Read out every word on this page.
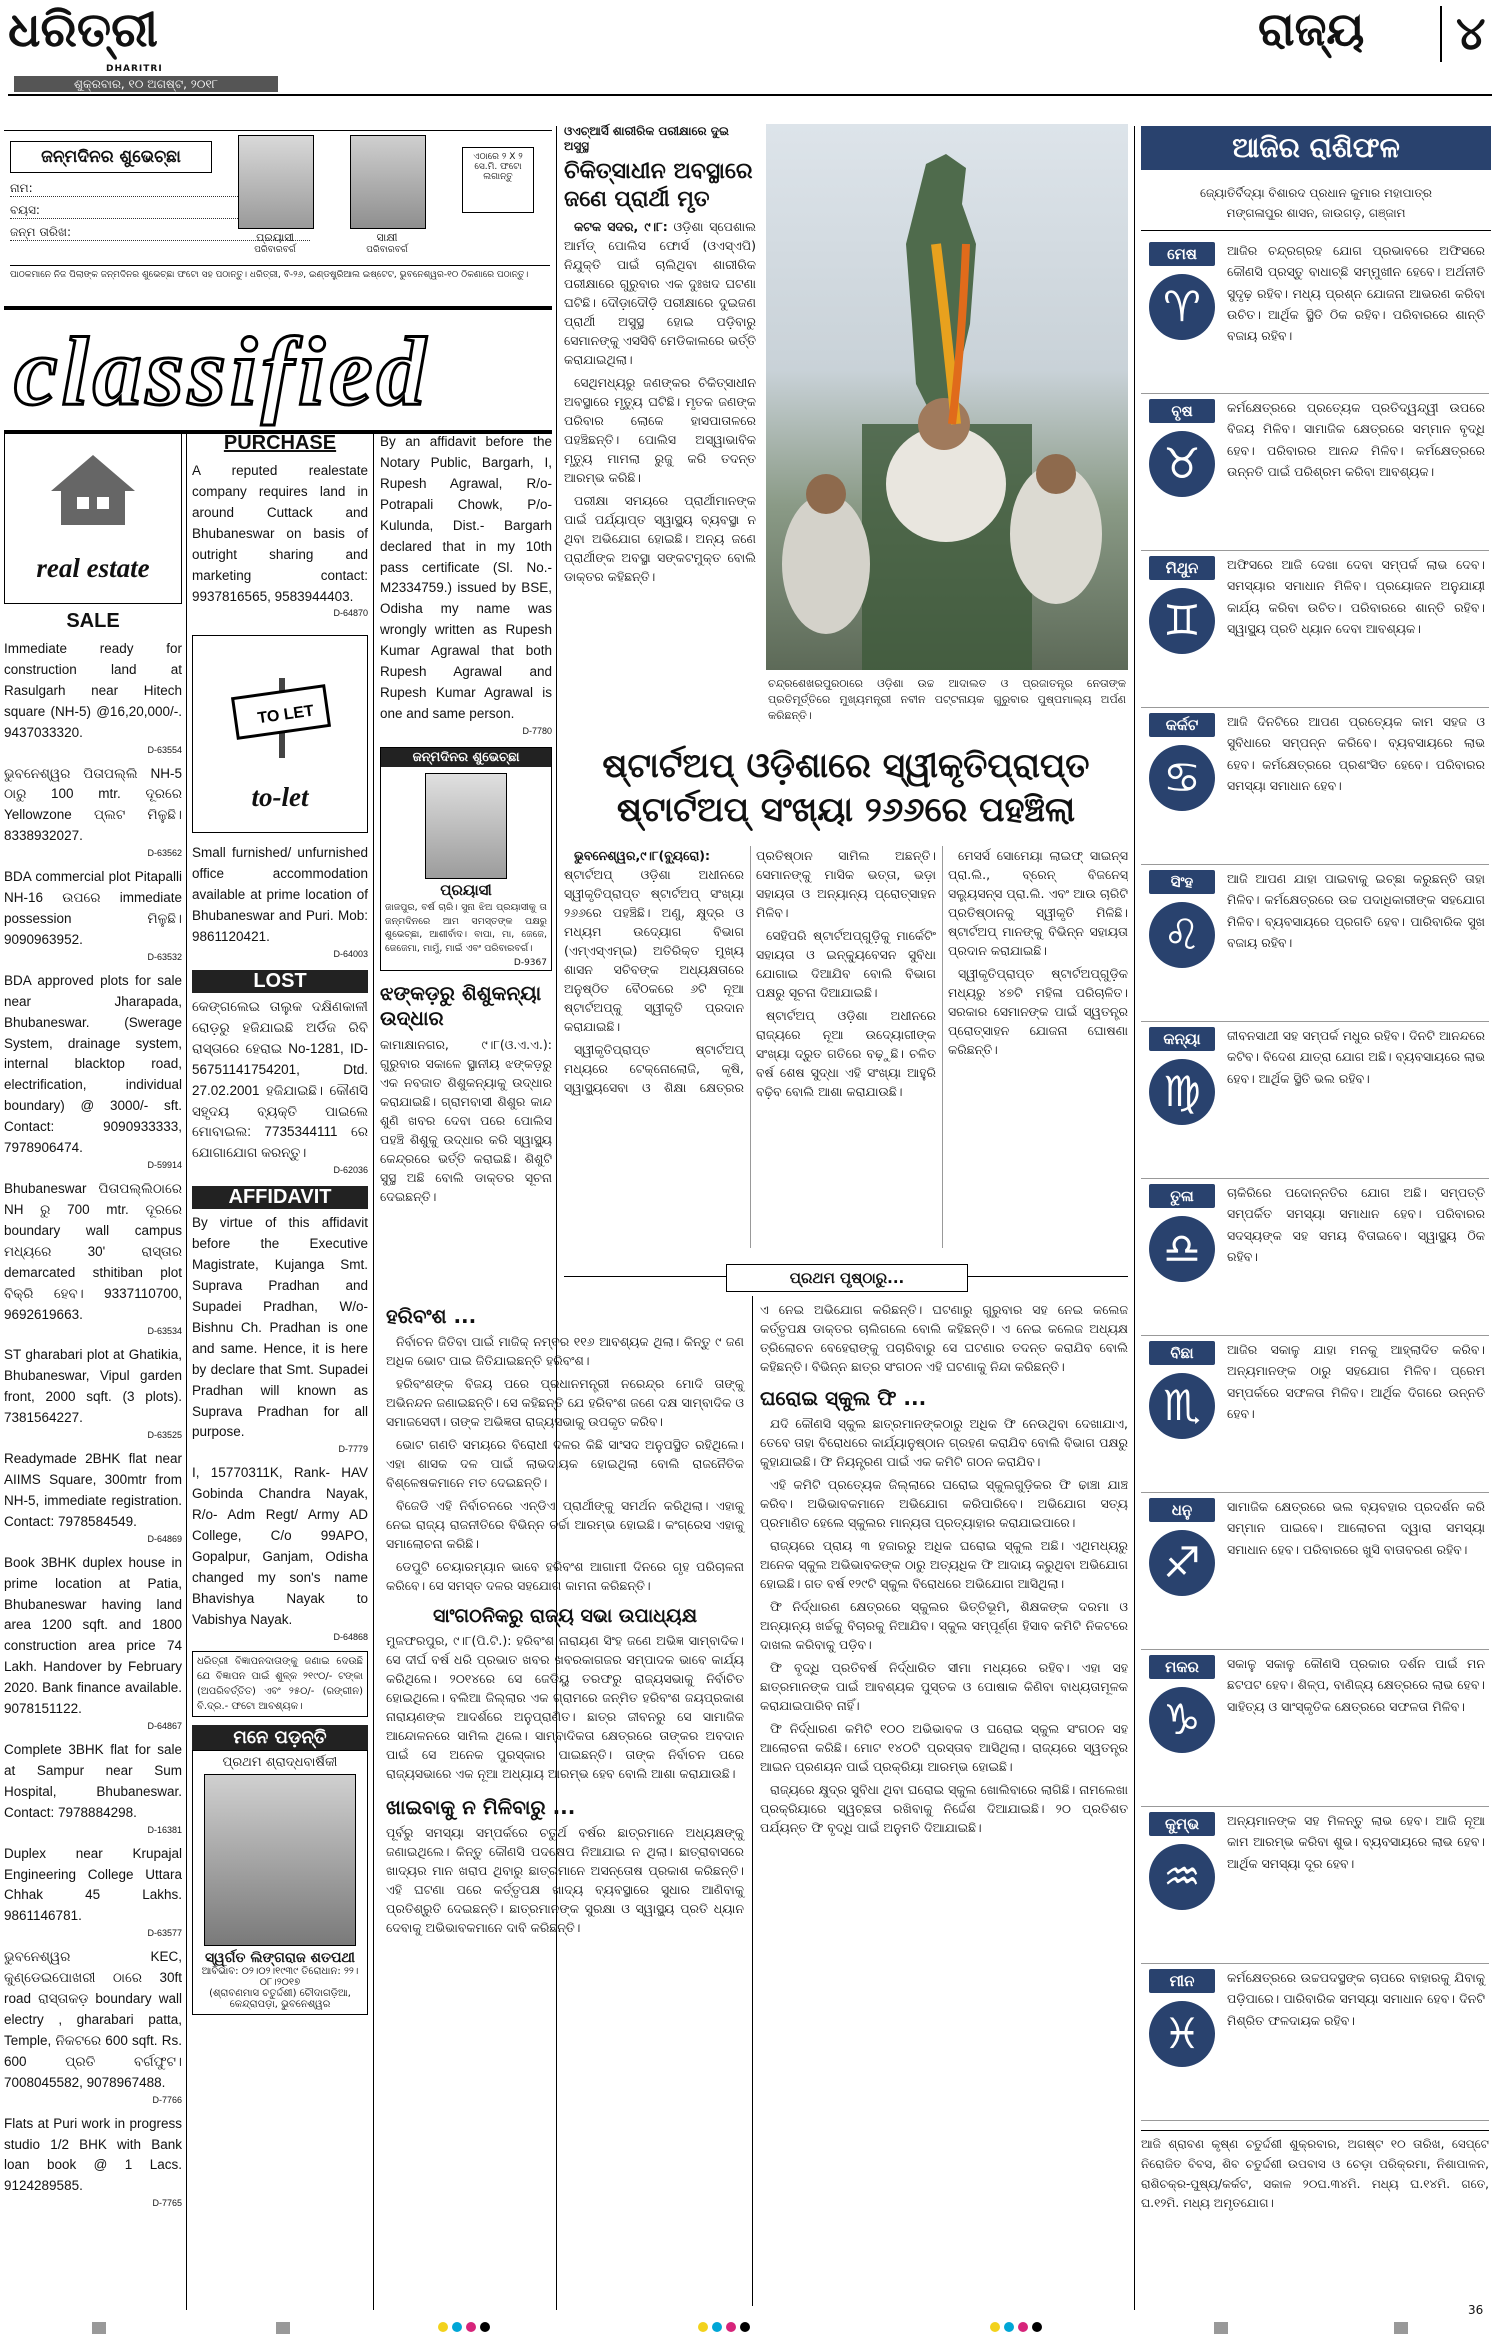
ଧରିତ୍ରୀ
DHARITRI
ଶୁକ୍ରବାର, ୧୦ ଅଗଷ୍ଟ, ୨୦୧୮
ରାଜ୍ୟ	୪
ଜନ୍ମଦିନର ଶୁଭେଚ୍ଛା
ନାମ:
ବୟସ:
ଜନ୍ମ ତାରିଖ:	ପ୍ରୟାସୀ
ପରିବାରବର୍ଗ
ସାକ୍ଷୀ
ପରିବାରବର୍ଗ
ଏଠାରେ ୨ X ୨ ସେ.ମି. ଫଟୋ ଲଗାନ୍ତୁ
ପାଠକମାନେ ନିଜ ପିଲାଙ୍କ ଜନ୍ମଦିନର ଶୁଭେଚ୍ଛା ଫଟୋ ସହ ପଠାନ୍ତୁ। ଧରିତ୍ରୀ, ବି-୨୬, ଇଣ୍ଡଷ୍ଟ୍ରିଆଲ ଇଷ୍ଟେଟ, ଭୁବନେଶ୍ୱର-୧୦ ଠିକଣାରେ ପଠାନ୍ତୁ।
classified
real estate
SALE
Immediate ready for construction land at Rasulgarh near Hitech square (NH-5) @16,20,000/-. 9437033320.
D-63554
ଭୁବନେଶ୍ୱର ପିତାପଲ୍ଲି NH-5 ଠାରୁ 100 mtr. ଦୂରରେ Yellowzone ପ୍ଲଟ ମିଳୁଛି। 8338932027.
D-63562
BDA commercial plot Pitapalli NH-16 ଉପରେ immediate possession ମିଳୁଛି। 9090963952.
D-63532
BDA approved plots for sale near Jharapada, Bhubaneswar. (Swerage System, drainage system, internal blacktop road, electrification, individual boundary) @ 3000/- sft. Contact: 9090933333, 7978906474.
D-59914
Bhubaneswar ପିତାପଲ୍ଲିଠାରେ NH ରୁ 700 mtr. ଦୂରରେ boundary wall campus ମଧ୍ୟରେ 30' ରାସ୍ତାର demarcated sthitiban plot ବିକ୍ରି ହେବ। 9337110700, 9692619663.
D-63534
ST gharabari plot at Ghatikia, Bhubaneswar, Vipul garden front, 2000 sqft. (3 plots). 7381564227.
D-63525
Readymade 2BHK flat near AIIMS Square, 300mtr from NH-5, immediate registration. Contact: 7978584549.
D-64869
Book 3BHK duplex house in prime location at Patia, Bhubaneswar having land area 1200 sqft. and 1800 construction area price 74 Lakh. Handover by February 2020. Bank finance available. 9078151122.
D-64867
Complete 3BHK flat for sale at Sampur near Sum Hospital, Bhubaneswar. Contact: 7978884298.
D-16381
Duplex near Krupajal Engineering College Uttara Chhak 45 Lakhs. 9861146781.
D-63577
ଭୁବନେଶ୍ୱର KEC, କୁଣ୍ଡେଇପୋଖରୀ ଠାରେ 30ft road ରାସ୍ତାକଡ଼ boundary wall electry , gharabari patta, Temple, ନିକଟରେ 600 sqft. Rs. 600 ପ୍ରତି ବର୍ଗଫୁଟ। 7008045582, 9078967488.
D-7766
Flats at Puri work in progress studio 1/2 BHK with Bank loan book @ 1 Lacs. 9124289585.
D-7765
PURCHASE
A reputed realestate company requires land in around Cuttack and Bhubaneswar on basis of outright sharing and marketing contact: 9937816565, 9583944403.
D-64870
TO LET
to-let
Small furnished/ unfurnished office accommodation available at prime location of Bhubaneswar and Puri. Mob: 9861120421.
D-64003
LOST
କେଙ୍ଗଲେଇ ତାଲୁକ ଦକ୍ଷିଣକାଳୀ ରୋଡ଼ରୁ ହଜିଯାଇଛି ଅର୍ଡିଜ ରିବି ରାସ୍ତାରେ ହେରାଇ No-1281, ID- 56751141754201, Dtd. 27.02.2001 ହଜିଯାଇଛି। କୌଣସି ସହୃଦୟ ବ୍ୟକ୍ତି ପାଇଲେ ମୋବାଇଲ: 7735344111 ରେ ଯୋଗାଯୋଗ କରନ୍ତୁ।
D-62036
AFFIDAVIT
By virtue of this affidavit before the Executive Magistrate, Kujanga Smt. Suprava Pradhan and Supadei Pradhan, W/o-Bishnu Ch. Pradhan is one and same. Hence, it is here by declare that Smt. Supadei Pradhan will known as Suprava Pradhan for all purpose.
D-7779
I, 15770311K, Rank- HAV Gobinda Chandra Nayak, R/o- Adm Regt/ Army AD College, C/o 99APO, Gopalpur, Ganjam, Odisha changed my son's name Bhavishya Nayak to Vabishya Nayak.
D-64868
ଧରିତ୍ରୀ ବିଜ୍ଞାପନଦାତାଙ୍କୁ ଜଣାଇ ଦେଉଛି ଯେ ବିଜ୍ଞାପନ ପାଇଁ ଶୁଳ୍କ ୨୧୯୦/- ଟଙ୍କା (ଅପରିବର୍ତ୍ତିତ) ଏବଂ ୨୫୦/- (ରଙ୍ଗୀନ) ବି.ଦ୍ର.- ଫଟୋ ଆବଶ୍ୟକ।
ମନେ ପଡ଼ନ୍ତି
ପ୍ରଥମ ଶ୍ରାଦ୍ଧବାର୍ଷିକୀ
ସ୍ୱର୍ଗତ ଲିଙ୍ଗରାଜ ଶତପଥୀ
ଆବିର୍ଭାବ: ୦୨।୦୨।୧୯୩୯ ତିରୋଧାନ: ୨୨।୦୮।୨୦୧୭
(ଶ୍ରାବଣମାସ ଚତୁର୍ଦ୍ଦଶୀ) ଚୌଦାଗଡ଼ିଆ, କେନ୍ଦ୍ରାପଡ଼ା, ଭୁବନେଶ୍ୱର
By an affidavit before the Notary Public, Bargarh, I, Rupesh Agrawal, R/o- Potrapali Chowk, P/o- Kulunda, Dist.- Bargarh declared that in my 10th pass certificate (Sl. No.- M2334759.) issued by BSE, Odisha my name was wrongly written as Rupesh Kumar Agrawal that both Rupesh Agrawal and Rupesh Kumar Agrawal is one and same person.
D-7780
ଜନ୍ମଦିନର ଶୁଭେଚ୍ଛା
ପ୍ରୟାସୀ
ଜାଜପୁର, ବର୍ଷ ଚାରି। ସୁନା ଝିଅ ପ୍ରୟାସୀକୁ ତା ଜନ୍ମଦିନରେ ଆମ ସମସ୍ତଙ୍କ ପକ୍ଷରୁ ଶୁଭେଚ୍ଛା, ଆଶୀର୍ବାଦ। ବାପା, ମା, ଜେଜେ, ଜେଜେମା, ମାମୁଁ, ମାଇଁ ଏବଂ ପରିବାରବର୍ଗ।
D-9367
ଝଙ୍କଡ଼ରୁ ଶିଶୁକନ୍ୟା ଉଦ୍ଧାର
କାମାକ୍ଷାନଗର, ୯।୮(ଓ.ଏ.ଏ.): ଗୁରୁବାର ସକାଳେ ସ୍ଥାନୀୟ ଝଙ୍କଡ଼ରୁ ଏକ ନବଜାତ ଶିଶୁକନ୍ୟାକୁ ଉଦ୍ଧାର କରାଯାଇଛି। ଗ୍ରାମବାସୀ ଶିଶୁର କାନ୍ଦ ଶୁଣି ଖବର ଦେବା ପରେ ପୋଲିସ ପହଞ୍ଚି ଶିଶୁକୁ ଉଦ୍ଧାର କରି ସ୍ୱାସ୍ଥ୍ୟ କେନ୍ଦ୍ରରେ ଭର୍ତ୍ତି କରାଇଛି। ଶିଶୁଟି ସୁସ୍ଥ ଅଛି ବୋଲି ଡାକ୍ତର ସୂଚନା ଦେଇଛନ୍ତି।
ଓଏଚ୍‌ଆର୍ସି ଶାରୀରିକ ପରୀକ୍ଷାରେ ଦୁଇ ଅସୁସ୍ଥ
ଚିକିତ୍ସାଧୀନ ଅବସ୍ଥାରେ ଜଣେ ପ୍ରାର୍ଥୀ ମୃତ

କଟକ ସଦର, ୯।୮: ଓଡ଼ିଶା ସ୍ପେଶାଲ ଆର୍ମଡ୍ ପୋଲିସ ଫୋର୍ସ (ଓଏସ୍‌ଏପି) ନିଯୁକ୍ତି ପାଇଁ ଚାଲିଥିବା ଶାରୀରିକ ପରୀକ୍ଷାରେ ଗୁରୁବାର ଏକ ଦୁଃଖଦ ଘଟଣା ଘଟିଛି। ଦୌଡ଼ାଦୌଡ଼ି ପରୀକ୍ଷାରେ ଦୁଇଜଣ ପ୍ରାର୍ଥୀ ଅସୁସ୍ଥ ହୋଇ ପଡ଼ିବାରୁ ସେମାନଙ୍କୁ ଏସସିବି ମେଡିକାଲରେ ଭର୍ତ୍ତି କରାଯାଇଥିଲା।

ସେଥିମଧ୍ୟରୁ ଜଣଙ୍କର ଚିକିତ୍ସାଧୀନ ଅବସ୍ଥାରେ ମୃତ୍ୟୁ ଘଟିଛି। ମୃତକ ଜଣଙ୍କ ପରିବାର ଲୋକେ ହାସପାତାଳରେ ପହଞ୍ଚିଛନ୍ତି। ପୋଲିସ ଅସ୍ୱାଭାବିକ ମୃତ୍ୟୁ ମାମଲା ରୁଜୁ କରି ତଦନ୍ତ ଆରମ୍ଭ କରିଛି।

ପରୀକ୍ଷା ସମୟରେ ପ୍ରାର୍ଥୀମାନଙ୍କ ପାଇଁ ପର୍ଯ୍ୟାପ୍ତ ସ୍ୱାସ୍ଥ୍ୟ ବ୍ୟବସ୍ଥା ନ ଥିବା ଅଭିଯୋଗ ହୋଇଛି। ଅନ୍ୟ ଜଣେ ପ୍ରାର୍ଥୀଙ୍କ ଅବସ୍ଥା ସଙ୍କଟମୁକ୍ତ ବୋଲି ଡାକ୍ତର କହିଛନ୍ତି।

ଚନ୍ଦ୍ରଶେଖରପୁରଠାରେ ଓଡ଼ିଶା ଉଚ୍ଚ ଆଦାଲତ ଓ ପ୍ରଜାତନ୍ତ୍ର ନେତାଙ୍କ ପ୍ରତିମୂର୍ତ୍ତିରେ ମୁଖ୍ୟମନ୍ତ୍ରୀ ନବୀନ ପଟ୍ଟନାୟକ ଗୁରୁବାର ପୁଷ୍ପମାଲ୍ୟ ଅର୍ପଣ କରିଛନ୍ତି।
ଷ୍ଟାର୍ଟଅପ୍ ଓଡ଼ିଶାରେ ସ୍ୱୀକୃତିପ୍ରାପ୍ତ
ଷ୍ଟାର୍ଟଅପ୍ ସଂଖ୍ୟା ୨୬୬ରେ ପହଞ୍ଚିଲା

ଭୁବନେଶ୍ୱର,୯।୮(ବ୍ୟୁରୋ): ଷ୍ଟାର୍ଟଅପ୍ ଓଡ଼ିଶା ଅଧୀନରେ ସ୍ୱୀକୃତିପ୍ରାପ୍ତ ଷ୍ଟାର୍ଟଅପ୍ ସଂଖ୍ୟା ୨୬୬ରେ ପହଞ୍ଚିଛି। ଅଣୁ, କ୍ଷୁଦ୍ର ଓ ମଧ୍ୟମ ଉଦ୍ୟୋଗ ବିଭାଗ (ଏମ୍‌ଏସ୍‌ଏମ୍‌ଇ) ଅତିରିକ୍ତ ମୁଖ୍ୟ ଶାସନ ସଚିବଙ୍କ ଅଧ୍ୟକ୍ଷତାରେ ଅନୁଷ୍ଠିତ ବୈଠକରେ ୬ଟି ନୂଆ ଷ୍ଟାର୍ଟଅପ୍‌କୁ ସ୍ୱୀକୃତି ପ୍ରଦାନ କରାଯାଇଛି।

ସ୍ୱୀକୃତିପ୍ରାପ୍ତ ଷ୍ଟାର୍ଟଅପ୍ ମଧ୍ୟରେ ଟେକ୍ନୋଲୋଜି, କୃଷି, ସ୍ୱାସ୍ଥ୍ୟସେବା ଓ ଶିକ୍ଷା କ୍ଷେତ୍ରର ପ୍ରତିଷ୍ଠାନ ସାମିଲ ଅଛନ୍ତି। ସେମାନଙ୍କୁ ମାସିକ ଭତ୍ତା, ଭଡ଼ା ସହାୟତା ଓ ଅନ୍ୟାନ୍ୟ ପ୍ରୋତ୍ସାହନ ମିଳିବ।

ସେହିପରି ଷ୍ଟାର୍ଟଅପ୍‌ଗୁଡ଼ିକୁ ମାର୍କେଟିଂ ସହାୟତା ଓ ଇନ୍‌କ୍ୟୁବେସନ ସୁବିଧା ଯୋଗାଇ ଦିଆଯିବ ବୋଲି ବିଭାଗ ପକ୍ଷରୁ ସୂଚନା ଦିଆଯାଇଛି।

ଷ୍ଟାର୍ଟଅପ୍ ଓଡ଼ିଶା ଅଧୀନରେ ରାଜ୍ୟରେ ନୂଆ ଉଦ୍ୟୋଗୀଙ୍କ ସଂଖ୍ୟା ଦ୍ରୁତ ଗତିରେ ବଢ଼ୁଛି। ଚଳିତ ବର୍ଷ ଶେଷ ସୁଦ୍ଧା ଏହି ସଂଖ୍ୟା ଆହୁରି ବଢ଼ିବ ବୋଲି ଆଶା କରାଯାଉଛି।

ମେସର୍ସ ସୋମେୟା ଲାଇଫ୍ ସାଇନ୍ସ ପ୍ରା.ଲି., ବ୍ରେନ୍ ବିଜନେସ୍ ସଲ୍ୟୁସନ୍ସ ପ୍ରା.ଲି. ଏବଂ ଆଉ ଚାରିଟି ପ୍ରତିଷ୍ଠାନକୁ ସ୍ୱୀକୃତି ମିଳିଛି। ଷ୍ଟାର୍ଟଅପ୍ ମାନଙ୍କୁ ବିଭିନ୍ନ ସହାୟତା ପ୍ରଦାନ କରାଯାଇଛି।

ସ୍ୱୀକୃତିପ୍ରାପ୍ତ ଷ୍ଟାର୍ଟଅପ୍‌ଗୁଡ଼ିକ ମଧ୍ୟରୁ ୪୭ଟି ମହିଳା ପରିଚାଳିତ। ସରକାର ସେମାନଙ୍କ ପାଇଁ ସ୍ୱତନ୍ତ୍ର ପ୍ରୋତ୍ସାହନ ଯୋଜନା ଘୋଷଣା କରିଛନ୍ତି।

ପ୍ରଥମ ପୃଷ୍ଠାରୁ...
ହରିବଂଶ ...

ନିର୍ବାଚନ ଜିତିବା ପାଇଁ ମାଜିକ୍ ନମ୍ବର ୧୧୬ ଆବଶ୍ୟକ ଥିଲା। କିନ୍ତୁ ୯ ଜଣ ଅଧିକ ଭୋଟ ପାଇ ଜିତିଯାଇଛନ୍ତି ହରିବଂଶ।

ହରିବଂଶଙ୍କ ବିଜୟ ପରେ ପ୍ରଧାନମନ୍ତ୍ରୀ ନରେନ୍ଦ୍ର ମୋଦି ତାଙ୍କୁ ଅଭିନନ୍ଦନ ଜଣାଇଛନ୍ତି। ସେ କହିଛନ୍ତି ଯେ ହରିବଂଶ ଜଣେ ଦକ୍ଷ ସାମ୍ବାଦିକ ଓ ସମାଜସେବୀ। ତାଙ୍କ ଅଭିଜ୍ଞତା ରାଜ୍ୟସଭାକୁ ଉପକୃତ କରିବ।

ଭୋଟ ଗଣତି ସମୟରେ ବିରୋଧୀ ଦଳର କିଛି ସାଂସଦ ଅନୁପସ୍ଥିତ ରହିଥିଲେ। ଏହା ଶାସକ ଦଳ ପାଇଁ ଲାଭଦାୟକ ହୋଇଥିଲା ବୋଲି ରାଜନୈତିକ ବିଶ୍ଳେଷକମାନେ ମତ ଦେଇଛନ୍ତି।

ବିଜେଡି ଏହି ନିର୍ବାଚନରେ ଏନ୍‌ଡିଏ ପ୍ରାର୍ଥୀଙ୍କୁ ସମର୍ଥନ କରିଥିଲା। ଏହାକୁ ନେଇ ରାଜ୍ୟ ରାଜନୀତିରେ ବିଭିନ୍ନ ଚର୍ଚ୍ଚା ଆରମ୍ଭ ହୋଇଛି। କଂଗ୍ରେସ ଏହାକୁ ସମାଲୋଚନା କରିଛି।

ଡେପୁଟି ଚେୟାରମ୍ୟାନ ଭାବେ ହରିବଂଶ ଆଗାମୀ ଦିନରେ ଗୃହ ପରିଚାଳନା କରିବେ। ସେ ସମସ୍ତ ଦଳର ସହଯୋଗ କାମନା କରିଛନ୍ତି।

ସାଂଗଠନିକରୁ ରାଜ୍ୟ ସଭା ଉପାଧ୍ୟକ୍ଷ
ମୁଜଫରପୁର, ୯।୮(ପି.ଟି.): ହରିବଂଶ ନାରାୟଣ ସିଂହ ଜଣେ ଅଭିଜ୍ଞ ସାମ୍ବାଦିକ। ସେ ଦୀର୍ଘ ବର୍ଷ ଧରି ପ୍ରଭାତ ଖବର ଖବରକାଗଜର ସମ୍ପାଦକ ଭାବେ କାର୍ଯ୍ୟ କରିଥିଲେ। ୨୦୧୪ରେ ସେ ଜେଡିୟୁ ତରଫରୁ ରାଜ୍ୟସଭାକୁ ନିର୍ବାଚିତ ହୋଇଥିଲେ। ବଲିଆ ଜିଲ୍ଲାର ଏକ ଗ୍ରାମରେ ଜନ୍ମିତ ହରିବଂଶ ଜୟପ୍ରକାଶ ନାରାୟଣଙ୍କ ଆଦର୍ଶରେ ଅନୁପ୍ରାଣିତ। ଛାତ୍ର ଜୀବନରୁ ସେ ସାମାଜିକ ଆନ୍ଦୋଳନରେ ସାମିଲ ଥିଲେ। ସାମ୍ବାଦିକତା କ୍ଷେତ୍ରରେ ତାଙ୍କର ଅବଦାନ ପାଇଁ ସେ ଅନେକ ପୁରସ୍କାର ପାଇଛନ୍ତି। ତାଙ୍କ ନିର୍ବାଚନ ପରେ ରାଜ୍ୟସଭାରେ ଏକ ନୂଆ ଅଧ୍ୟାୟ ଆରମ୍ଭ ହେବ ବୋଲି ଆଶା କରାଯାଉଛି।
ଖାଇବାକୁ ନ ମିଳିବାରୁ ...
ପୂର୍ବରୁ ସମସ୍ୟା ସମ୍ପର୍କରେ ଚତୁର୍ଥ ବର୍ଷର ଛାତ୍ରମାନେ ଅଧ୍ୟକ୍ଷଙ୍କୁ ଜଣାଇଥିଲେ। କିନ୍ତୁ କୌଣସି ପଦକ୍ଷେପ ନିଆଯାଇ ନ ଥିଲା। ଛାତ୍ରାବାସରେ ଖାଦ୍ୟର ମାନ ଖରାପ ଥିବାରୁ ଛାତ୍ରମାନେ ଅସନ୍ତୋଷ ପ୍ରକାଶ କରିଛନ୍ତି। ଏହି ଘଟଣା ପରେ କର୍ତ୍ତୃପକ୍ଷ ଖାଦ୍ୟ ବ୍ୟବସ୍ଥାରେ ସୁଧାର ଆଣିବାକୁ ପ୍ରତିଶ୍ରୁତି ଦେଇଛନ୍ତି। ଛାତ୍ରମାନଙ୍କ ସୁରକ୍ଷା ଓ ସ୍ୱାସ୍ଥ୍ୟ ପ୍ରତି ଧ୍ୟାନ ଦେବାକୁ ଅଭିଭାବକମାନେ ଦାବି କରିଛନ୍ତି।
ଏ ନେଇ ଅଭିଯୋଗ କରିଛନ୍ତି। ଘଟଣାରୁ ଗୁରୁବାର ସହ ନେଇ କଲେଜ କର୍ତ୍ତୃପକ୍ଷ ଡାକ୍ତର ଚାଲିଗଲେ ବୋଲି କହିଛନ୍ତି। ଏ ନେଇ କଲେଜ ଅଧ୍ୟକ୍ଷ ତ୍ରିଲୋଚନ ବେହେରାଙ୍କୁ ପଚାରିବାରୁ ସେ ଘଟଣାର ତଦନ୍ତ କରାଯିବ ବୋଲି କହିଛନ୍ତି। ବିଭିନ୍ନ ଛାତ୍ର ସଂଗଠନ ଏହି ଘଟଣାକୁ ନିନ୍ଦା କରିଛନ୍ତି।
ଘରୋଇ ସ୍କୁଲ ଫି ...

ଯଦି କୌଣସି ସ୍କୁଲ ଛାତ୍ରମାନଙ୍କଠାରୁ ଅଧିକ ଫି ନେଉଥିବା ଦେଖାଯାଏ, ତେବେ ତାହା ବିରୋଧରେ କାର୍ଯ୍ୟାନୁଷ୍ଠାନ ଗ୍ରହଣ କରାଯିବ ବୋଲି ବିଭାଗ ପକ୍ଷରୁ କୁହାଯାଇଛି। ଫି ନିୟନ୍ତ୍ରଣ ପାଇଁ ଏକ କମିଟି ଗଠନ କରାଯିବ।

ଏହି କମିଟି ପ୍ରତ୍ୟେକ ଜିଲ୍ଲାରେ ଘରୋଇ ସ୍କୁଲଗୁଡ଼ିକର ଫି ଢାଞ୍ଚା ଯାଞ୍ଚ କରିବ। ଅଭିଭାବକମାନେ ଅଭିଯୋଗ କରିପାରିବେ। ଅଭିଯୋଗ ସତ୍ୟ ପ୍ରମାଣିତ ହେଲେ ସ୍କୁଲର ମାନ୍ୟତା ପ୍ରତ୍ୟାହାର କରାଯାଇପାରେ।

ରାଜ୍ୟରେ ପ୍ରାୟ ୩ ହଜାରରୁ ଅଧିକ ଘରୋଇ ସ୍କୁଲ ଅଛି। ଏଥିମଧ୍ୟରୁ ଅନେକ ସ୍କୁଲ ଅଭିଭାବକଙ୍କ ଠାରୁ ଅତ୍ୟଧିକ ଫି ଆଦାୟ କରୁଥିବା ଅଭିଯୋଗ ହୋଇଛି। ଗତ ବର୍ଷ ୧୨୯ଟି ସ୍କୁଲ ବିରୋଧରେ ଅଭିଯୋଗ ଆସିଥିଲା।

ଫି ନିର୍ଦ୍ଧାରଣ କ୍ଷେତ୍ରରେ ସ୍କୁଲର ଭିତ୍ତିଭୂମି, ଶିକ୍ଷକଙ୍କ ଦରମା ଓ ଅନ୍ୟାନ୍ୟ ଖର୍ଚ୍ଚକୁ ବିଚାରକୁ ନିଆଯିବ। ସ୍କୁଲ ସମ୍ପୂର୍ଣ୍ଣ ହିସାବ କମିଟି ନିକଟରେ ଦାଖଲ କରିବାକୁ ପଡ଼ିବ।

ଫି ବୃଦ୍ଧି ପ୍ରତିବର୍ଷ ନିର୍ଦ୍ଧାରିତ ସୀମା ମଧ୍ୟରେ ରହିବ। ଏହା ସହ ଛାତ୍ରମାନଙ୍କ ପାଇଁ ଆବଶ୍ୟକ ପୁସ୍ତକ ଓ ପୋଷାକ କିଣିବା ବାଧ୍ୟତାମୂଳକ କରାଯାଇପାରିବ ନାହିଁ।

ଫି ନିର୍ଦ୍ଧାରଣ କମିଟି ୧୦୦ ଅଭିଭାବକ ଓ ଘରୋଇ ସ୍କୁଲ ସଂଗଠନ ସହ ଆଲୋଚନା କରିଛି। ମୋଟ ୧୪୦ଟି ପ୍ରସ୍ତାବ ଆସିଥିଲା। ରାଜ୍ୟରେ ସ୍ୱତନ୍ତ୍ର ଆଇନ ପ୍ରଣୟନ ପାଇଁ ପ୍ରକ୍ରିୟା ଆରମ୍ଭ ହୋଇଛି।

ରାଜ୍ୟରେ କ୍ଷୁଦ୍ର ସୁବିଧା ଥିବା ଘରୋଇ ସ୍କୁଲ ଖୋଲିବାରେ ଲାଗିଛି। ନାମଲେଖା ପ୍ରକ୍ରିୟାରେ ସ୍ୱଚ୍ଛତା ରଖିବାକୁ ନିର୍ଦ୍ଦେଶ ଦିଆଯାଇଛି। ୨୦ ପ୍ରତିଶତ ପର୍ଯ୍ୟନ୍ତ ଫି ବୃଦ୍ଧି ପାଇଁ ଅନୁମତି ଦିଆଯାଇଛି।

ଆଜିର ରାଶିଫଳ
ଜ୍ୟୋତିର୍ବିଦ୍ୟା ବିଶାରଦ ପ୍ରଧାନ କୁମାର ମହାପାତ୍ର
ମଙ୍ଗଳାପୁର ଶାସନ, ଜାଉଗଡ଼, ଗଞ୍ଜାମ
ମେଷ
♈
ଆଜିର ଚନ୍ଦ୍ରଗ୍ରହ ଯୋଗ ପ୍ରଭାବରେ ଅଫିସରେ କୌଣସି ପ୍ରସ୍ତୁ ବାଧାଚ୍ଛି ସମ୍ମୁଖୀନ ହେବେ। ଅର୍ଥନୀତି ସୁଦୃଢ଼ ରହିବ। ମଧ୍ୟ ପ୍ରଶ୍ନ ଯୋଜନା ଆଭରଣ କରିବା ଉଚିତ। ଆର୍ଥିକ ସ୍ଥିତି ଠିକ ରହିବ। ପରିବାରରେ ଶାନ୍ତି ବଜାୟ ରହିବ।
ବୃଷ
♉
କର୍ମକ୍ଷେତ୍ରରେ ପ୍ରତ୍ୟେକ ପ୍ରତିଦ୍ୱନ୍ଦ୍ୱୀ ଉପରେ ବିଜୟ ମିଳିବ। ସାମାଜିକ କ୍ଷେତ୍ରରେ ସମ୍ମାନ ବୃଦ୍ଧି ହେବ। ପରିବାରର ଆନନ୍ଦ ମିଳିବ। କର୍ମକ୍ଷେତ୍ରରେ ଉନ୍ନତି ପାଇଁ ପରିଶ୍ରମ କରିବା ଆବଶ୍ୟକ।
ମିଥୁନ
♊
ଅଫିସରେ ଆଜି ଦେଖା ଦେବା ସମ୍ପର୍କ ଲାଭ ଦେବ। ସମସ୍ୟାର ସମାଧାନ ମିଳିବ। ପ୍ରୟୋଜନ ଅନୁଯାୟୀ କାର୍ଯ୍ୟ କରିବା ଉଚିତ। ପରିବାରରେ ଶାନ୍ତି ରହିବ। ସ୍ୱାସ୍ଥ୍ୟ ପ୍ରତି ଧ୍ୟାନ ଦେବା ଆବଶ୍ୟକ।
କର୍କଟ
♋
ଆଜି ଦିନଟିରେ ଆପଣ ପ୍ରତ୍ୟେକ କାମ ସହଜ ଓ ସୁବିଧାରେ ସମ୍ପନ୍ନ କରିବେ। ବ୍ୟବସାୟରେ ଲାଭ ହେବ। କର୍ମକ୍ଷେତ୍ରରେ ପ୍ରଶଂସିତ ହେବେ। ପରିବାରର ସମସ୍ୟା ସମାଧାନ ହେବ।
ସିଂହ
♌
ଆଜି ଆପଣ ଯାହା ପାଇବାକୁ ଇଚ୍ଛା କରୁଛନ୍ତି ତାହା ମିଳିବ। କର୍ମକ୍ଷେତ୍ରରେ ଉଚ୍ଚ ପଦାଧିକାରୀଙ୍କ ସହଯୋଗ ମିଳିବ। ବ୍ୟବସାୟରେ ପ୍ରଗତି ହେବ। ପାରିବାରିକ ସୁଖ ବଜାୟ ରହିବ।
କନ୍ୟା
♍
ଜୀବନସାଥୀ ସହ ସମ୍ପର୍କ ମଧୁର ରହିବ। ଦିନଟି ଆନନ୍ଦରେ କଟିବ। ବିଦେଶ ଯାତ୍ରା ଯୋଗ ଅଛି। ବ୍ୟବସାୟରେ ଲାଭ ହେବ। ଆର୍ଥିକ ସ୍ଥିତି ଭଲ ରହିବ।
ତୁଳା
♎
ଚାକିରିରେ ପଦୋନ୍ନତିର ଯୋଗ ଅଛି। ସମ୍ପତ୍ତି ସମ୍ପର୍କିତ ସମସ୍ୟା ସମାଧାନ ହେବ। ପରିବାରର ସଦସ୍ୟଙ୍କ ସହ ସମୟ ବିତାଇବେ। ସ୍ୱାସ୍ଥ୍ୟ ଠିକ ରହିବ।
ବିଛା
♏
ଆଜିର ସକାଳୁ ଯାହା ମନକୁ ଆହ୍ଲାଦିତ କରିବ। ଅନ୍ୟମାନଙ୍କ ଠାରୁ ସହଯୋଗ ମିଳିବ। ପ୍ରେମ ସମ୍ପର୍କରେ ସଫଳତା ମିଳିବ। ଆର୍ଥିକ ଦିଗରେ ଉନ୍ନତି ହେବ।
ଧନୁ
♐
ସାମାଜିକ କ୍ଷେତ୍ରରେ ଭଲ ବ୍ୟବହାର ପ୍ରଦର୍ଶନ କରି ସମ୍ମାନ ପାଇବେ। ଆଲୋଚନା ଦ୍ୱାରା ସମସ୍ୟା ସମାଧାନ ହେବ। ପରିବାରରେ ଖୁସି ବାତାବରଣ ରହିବ।
ମକର
♑
ସକାଳୁ ସକାଳୁ କୌଣସି ପ୍ରକାର ଦର୍ଶନ ପାଇଁ ମନ ଛଟପଟ ହେବ। ଶିଳ୍ପ, ବାଣିଜ୍ୟ କ୍ଷେତ୍ରରେ ଲାଭ ହେବ। ସାହିତ୍ୟ ଓ ସାଂସ୍କୃତିକ କ୍ଷେତ୍ରରେ ସଫଳତା ମିଳିବ।
କୁମ୍ଭ
♒
ଅନ୍ୟମାନଙ୍କ ସହ ମିଳନ୍ତୁ ଲାଭ ହେବ। ଆଜି ନୂଆ କାମ ଆରମ୍ଭ କରିବା ଶୁଭ। ବ୍ୟବସାୟରେ ଲାଭ ହେବ। ଆର୍ଥିକ ସମସ୍ୟା ଦୂର ହେବ।
ମୀନ
♓
କର୍ମକ୍ଷେତ୍ରରେ ଉଚ୍ଚପଦସ୍ଥଙ୍କ ଚାପରେ ବାହାରକୁ ଯିବାକୁ ପଡ଼ିପାରେ। ପାରିବାରିକ ସମସ୍ୟା ସମାଧାନ ହେବ। ଦିନଟି ମିଶ୍ରିତ ଫଳଦାୟକ ରହିବ।
ଆଜି ଶ୍ରାବଣ କୃଷ୍ଣ ଚତୁର୍ଦ୍ଦଶୀ ଶୁକ୍ରବାର, ଅଗଷ୍ଟ ୧୦ ତାରିଖ, ସେପ୍ଟେ ନିରୋଜିତ ବିବସ, ଶିବ ଚତୁର୍ଦ୍ଦଶୀ ଉପବାସ ଓ ଚେଡ଼ା ପରିକ୍ରମା, ନିଶାପାଳନ, ରାଶିଚକ୍ର-ପୁଷ୍ୟ/କର୍କଟ, ସକାଳ ୨୦ଘ.୩୪ମି. ମଧ୍ୟ ଘ.୧୪ମି. ଗତେ, ଘ.୧୨ମି. ମଧ୍ୟ ଅମୃତଯୋଗ।
36
